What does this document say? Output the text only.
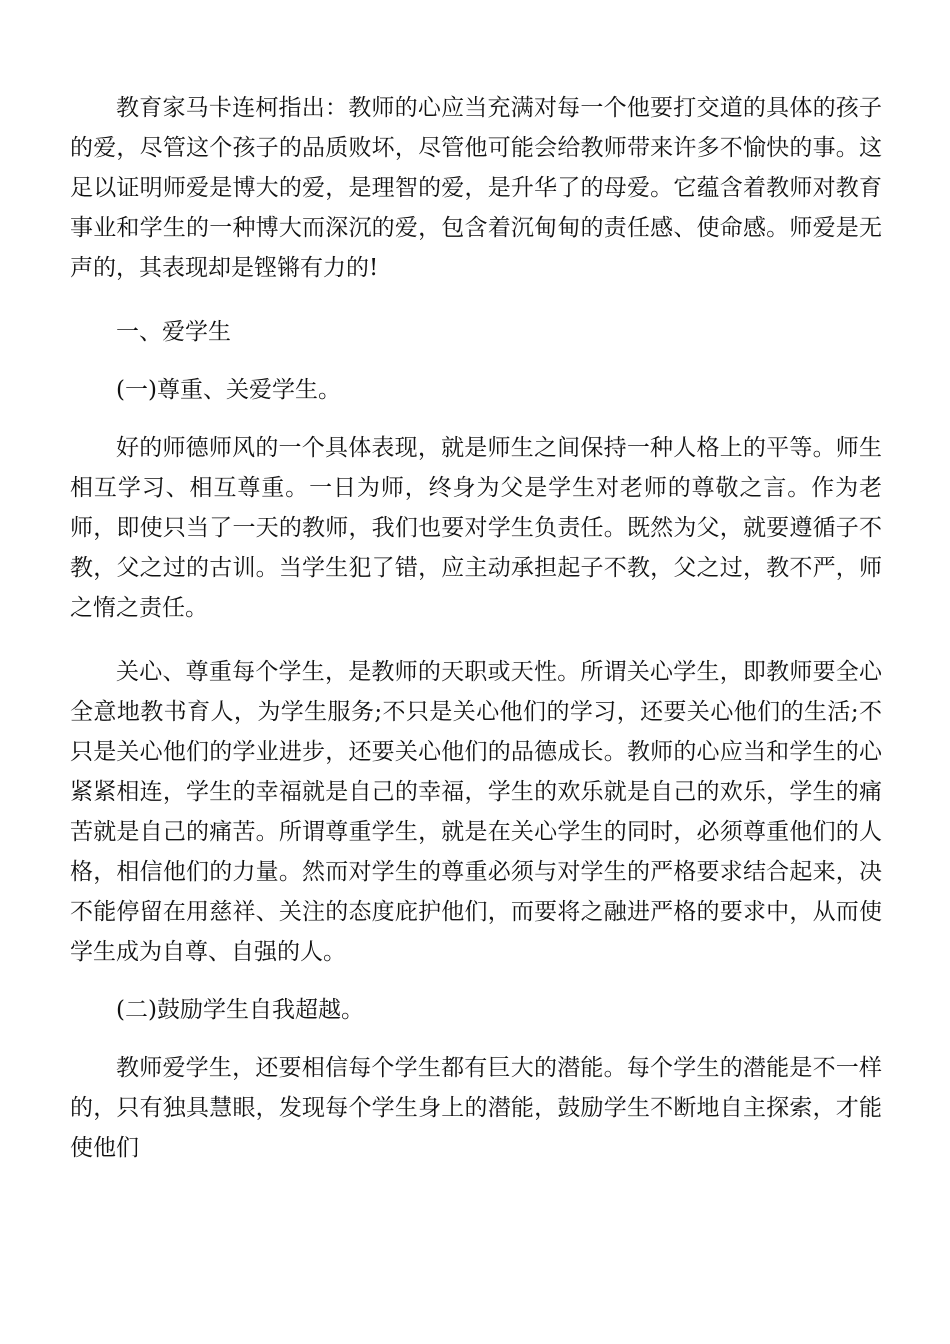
教育家马卡连柯指出：教师的心应当充满对每一个他要打交道的具体的孩子的爱，尽管这个孩子的品质败坏，尽管他可能会给教师带来许多不愉快的事。这足以证明师爱是博大的爱，是理智的爱，是升华了的母爱。它蕴含着教师对教育事业和学生的一种博大而深沉的爱，包含着沉甸甸的责任感、使命感。师爱是无声的，其表现却是铿锵有力的!

一、爱学生

(一)尊重、关爱学生。

好的师德师风的一个具体表现，就是师生之间保持一种人格上的平等。师生相互学习、相互尊重。一日为师，终身为父是学生对老师的尊敬之言。作为老师，即使只当了一天的教师，我们也要对学生负责任。既然为父，就要遵循子不教，父之过的古训。当学生犯了错，应主动承担起子不教，父之过，教不严，师之惰之责任。

关心、尊重每个学生，是教师的天职或天性。所谓关心学生，即教师要全心全意地教书育人，为学生服务;不只是关心他们的学习，还要关心他们的生活;不只是关心他们的学业进步，还要关心他们的品德成长。教师的心应当和学生的心紧紧相连，学生的幸福就是自己的幸福，学生的欢乐就是自己的欢乐，学生的痛苦就是自己的痛苦。所谓尊重学生，就是在关心学生的同时，必须尊重他们的人格，相信他们的力量。然而对学生的尊重必须与对学生的严格要求结合起来，决不能停留在用慈祥、关注的态度庇护他们，而要将之融进严格的要求中，从而使学生成为自尊、自强的人。

(二)鼓励学生自我超越。

教师爱学生，还要相信每个学生都有巨大的潜能。每个学生的潜能是不一样的，只有独具慧眼，发现每个学生身上的潜能，鼓励学生不断地自主探索，才能使他们
